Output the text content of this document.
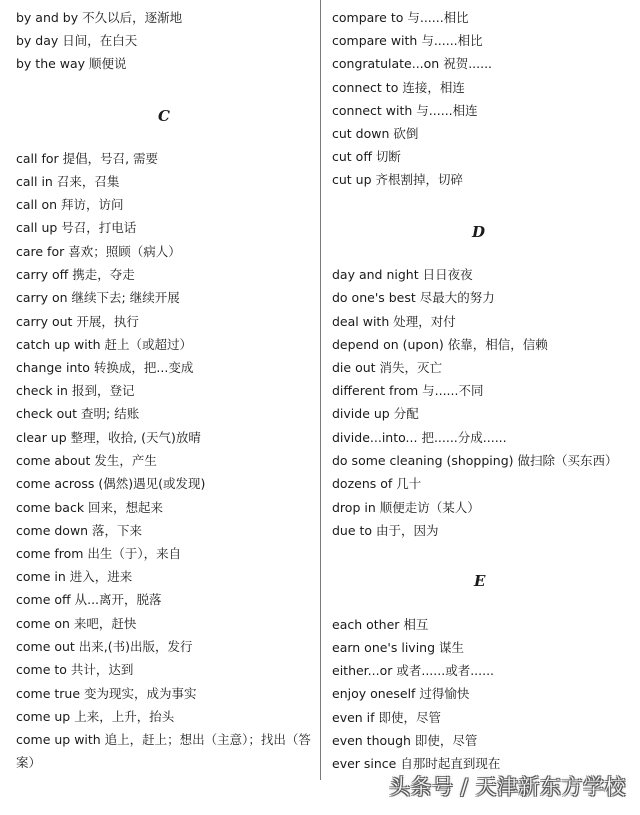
by and by 不久以后，逐渐地
by day 日间，在白天
by the way 顺便说
C
call for 提倡，号召, 需要
call in 召来，召集
call on 拜访，访问
call up 号召，打电话
care for 喜欢；照顾（病人）
carry off 携走，夺走
carry on 继续下去; 继续开展
carry out 开展，执行
catch up with 赶上（或超过）
change into 转换成，把...变成
check in 报到，登记
check out 查明; 结账
clear up 整理，收拾, (天气)放晴
come about 发生，产生
come across (偶然)遇见(或发现)
come back 回来，想起来
come down 落，下来
come from 出生（于），来自
come in 进入，进来
come off 从...离开，脱落
come on 来吧，赶快
come out 出来,(书)出版，发行
come to 共计，达到
come true 变为现实，成为事实
come up 上来，上升，抬头
come up with 追上，赶上；想出（主意）；找出（答案）
compare to 与......相比
compare with 与......相比
congratulate...on 祝贺......
connect to 连接，相连
connect with 与......相连
cut down 砍倒
cut off 切断
cut up 齐根割掉，切碎
D
day and night 日日夜夜
do one's best 尽最大的努力
deal with 处理，对付
depend on (upon) 依靠，相信，信赖
die out 消失，灭亡
different from 与......不同
divide up 分配
divide...into... 把......分成......
do some cleaning (shopping) 做扫除（买东西）
dozens of 几十
drop in 顺便走访（某人）
due to 由于，因为
E
each other 相互
earn one's living 谋生
either...or 或者......或者......
enjoy oneself 过得愉快
even if 即使，尽管
even though 即使，尽管
ever since 自那时起直到现在
头条号 / 天津新东方学校
